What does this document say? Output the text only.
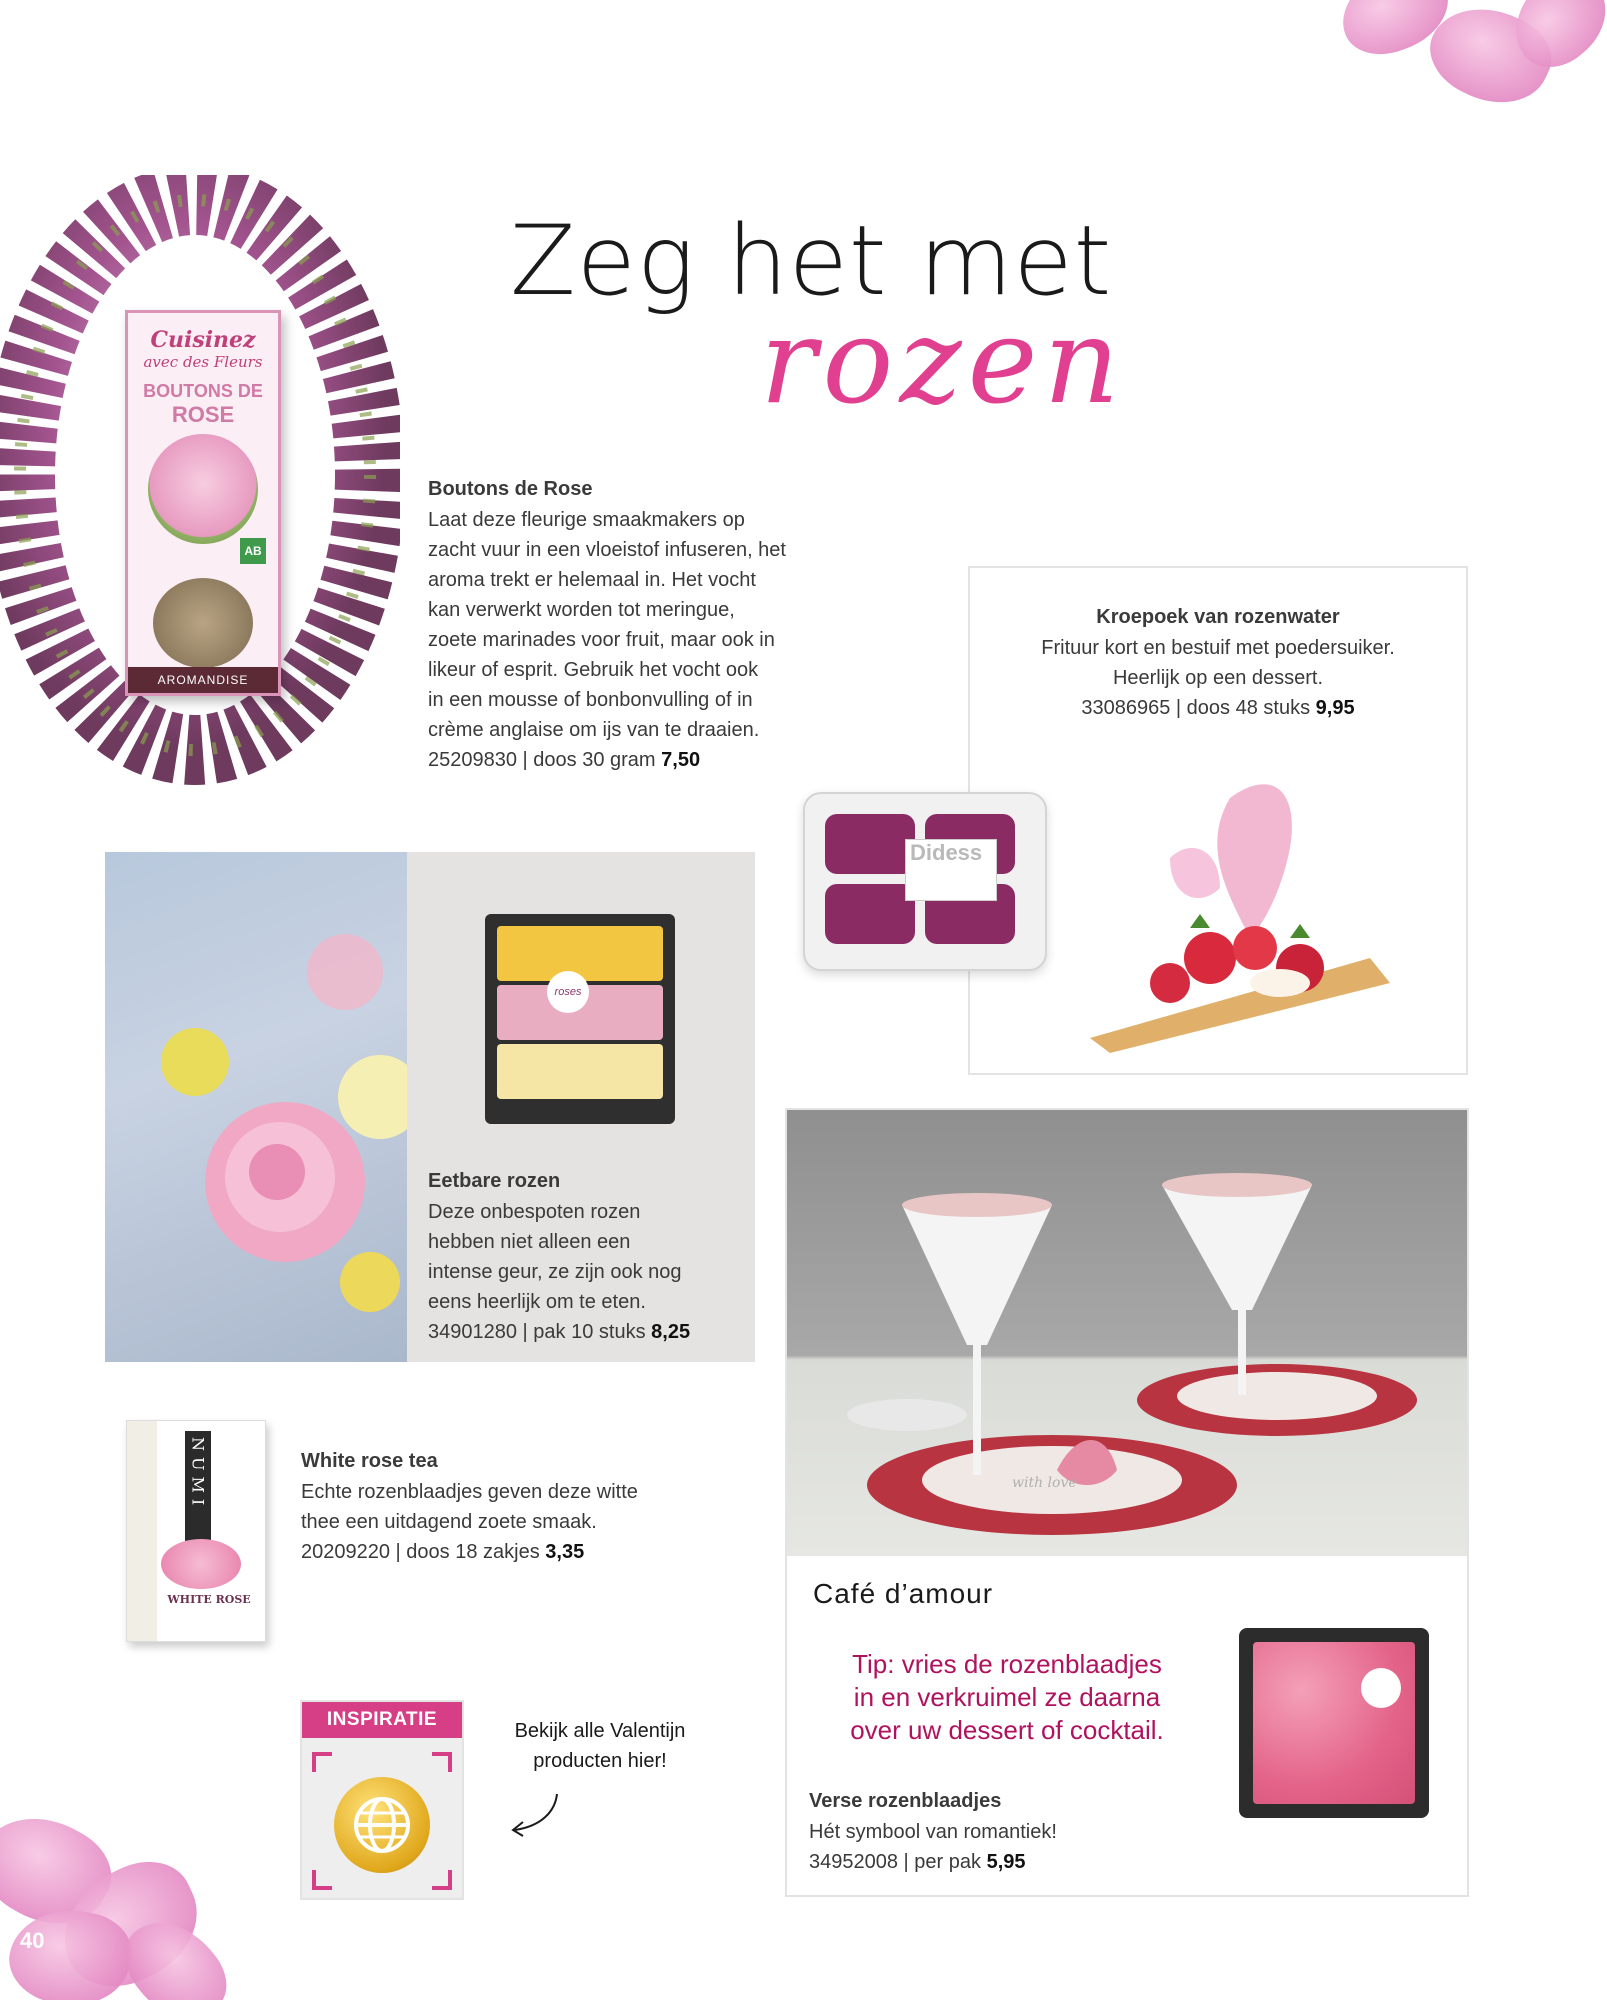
40
Zeg het met
rozen
Cuisinez
avec des Fleurs
BOUTONS DE
ROSE
AB
AROMANDISE
Boutons de Rose
Laat deze fleurige smaakmakers op
zacht vuur in een vloeistof infuseren, het
aroma trekt er helemaal in. Het vocht
kan verwerkt worden tot meringue,
zoete marinades voor fruit, maar ook in
likeur of esprit. Gebruik het vocht ook
in een mousse of bonbonvulling of in
crème anglaise om ijs van te draaien.
25209830 | doos 30 gram 7,50
Kroepoek van rozenwater
Frituur kort en bestuif met poedersuiker.
Heerlijk op een dessert.
33086965 | doos 48 stuks 9,95
Didess
roses
Eetbare rozen
Deze onbespoten rozen
hebben niet alleen een
intense geur, ze zijn ook nog
eens heerlijk om te eten.
34901280 | pak 10 stuks 8,25
with love
Café d’amour
Tip: vries de rozenblaadjes
in en verkruimel ze daarna
over uw dessert of cocktail.
Verse rozenblaadjes
Hét symbool van romantiek!
34952008 | per pak 5,95
NUMI
WHITE ROSE
White rose tea
Echte rozenblaadjes geven deze witte
thee een uitdagend zoete smaak.
20209220 | doos 18 zakjes 3,35
INSPIRATIE
Bekijk alle Valentijn
producten hier!
